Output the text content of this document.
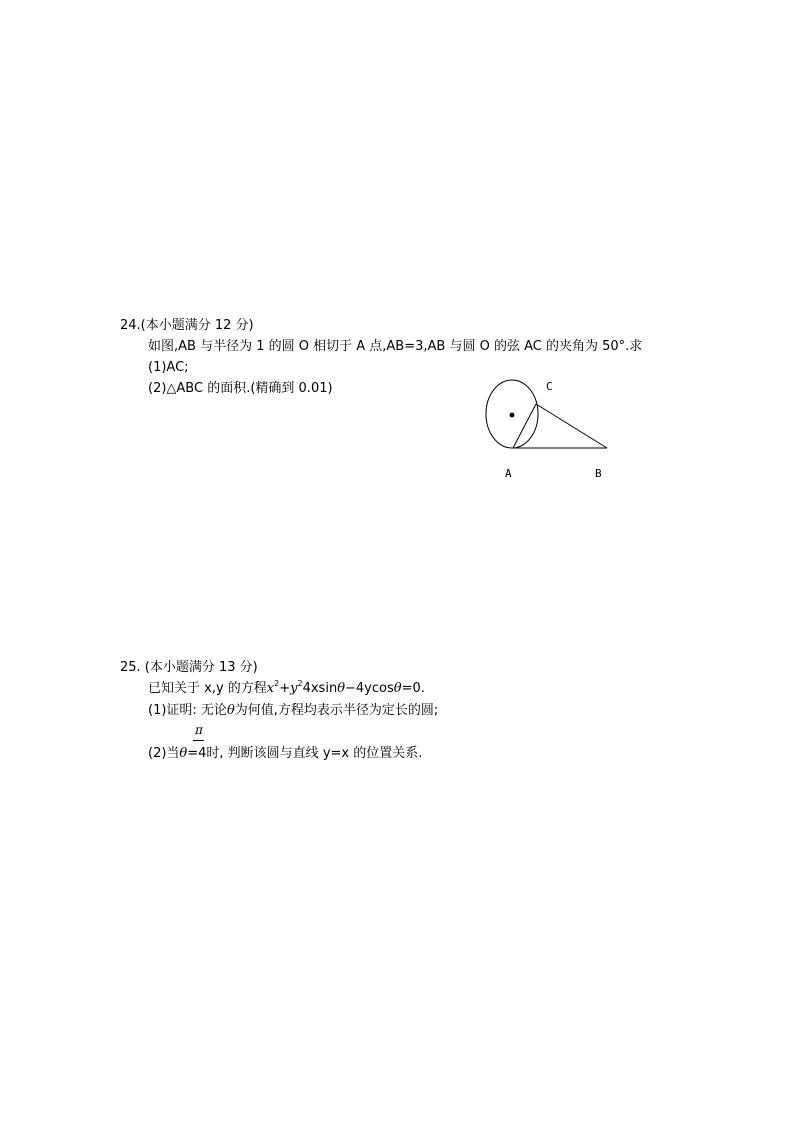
24.(本小题满分 12 分)
如图,AB 与半径为 1 的圆 O 相切于 A 点,AB=3,AB 与圆 O 的弦 AC 的夹角为 50°.求
(1)AC;
(2)△ABC 的面积.(精确到 0.01)	C
A	B
25. (本小题满分 13 分)
已知关于 x,y 的方程$x^2+y^24xsin\theta-4ycos\theta=0$.
(1)证明: 无论θ为何值,方程均表示半径为定长的圆;
π
(2)当θ=4时, 判断该圆与直线 y=x 的位置关系.
